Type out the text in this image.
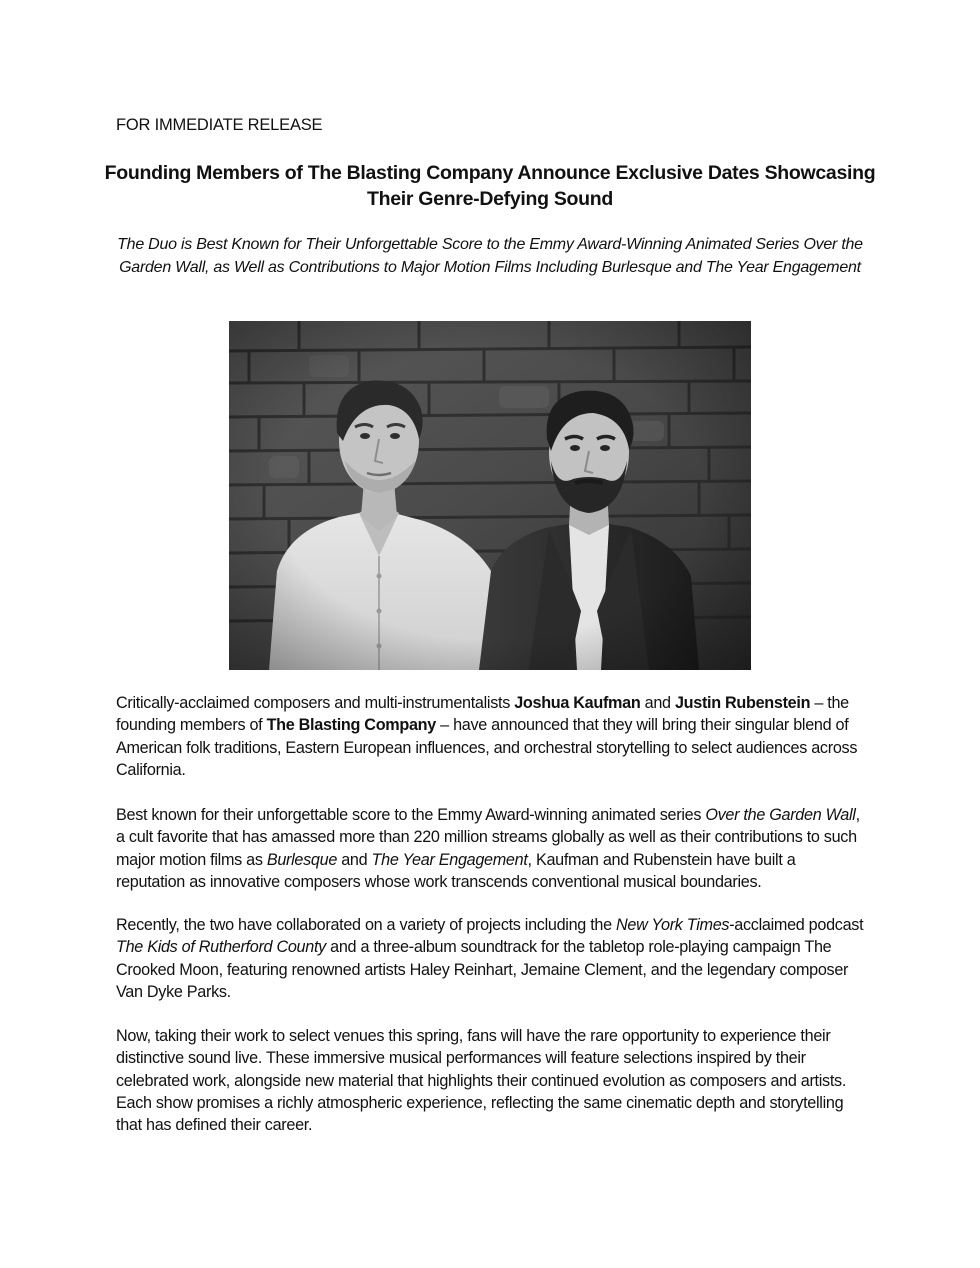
FOR IMMEDIATE RELEASE
Founding Members of The Blasting Company Announce Exclusive Dates Showcasing Their Genre-Defying Sound
The Duo is Best Known for Their Unforgettable Score to the Emmy Award-Winning Animated Series Over the Garden Wall, as Well as Contributions to Major Motion Films Including Burlesque and The Year Engagement

Critically-acclaimed composers and multi-instrumentalists Joshua Kaufman and Justin Rubenstein – the founding members of The Blasting Company – have announced that they will bring their singular blend of American folk traditions, Eastern European influences, and orchestral storytelling to select audiences across California.

Best known for their unforgettable score to the Emmy Award-winning animated series Over the Garden Wall, a cult favorite that has amassed more than 220 million streams globally as well as their contributions to such major motion films as Burlesque and The Year Engagement, Kaufman and Rubenstein have built a reputation as innovative composers whose work transcends conventional musical boundaries.

Recently, the two have collaborated on a variety of projects including the New York Times-acclaimed podcast The Kids of Rutherford County and a three-album soundtrack for the tabletop role-playing campaign The Crooked Moon, featuring renowned artists Haley Reinhart, Jemaine Clement, and the legendary composer Van Dyke Parks.

Now, taking their work to select venues this spring, fans will have the rare opportunity to experience their distinctive sound live. These immersive musical performances will feature selections inspired by their celebrated work, alongside new material that highlights their continued evolution as composers and artists. Each show promises a richly atmospheric experience, reflecting the same cinematic depth and storytelling that has defined their career.
